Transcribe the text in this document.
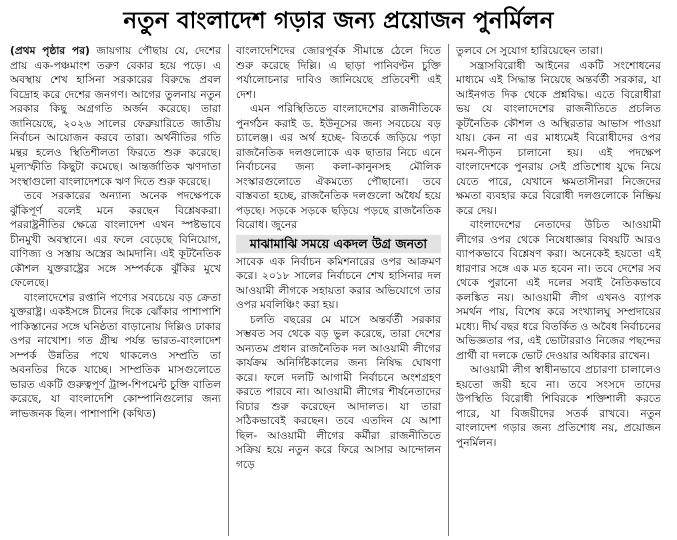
নতুন বাংলাদেশ গড়ার জন্য প্রয়োজন পুনর্মিলন

(প্রথম পৃষ্ঠার পর) জায়গায় পৌছায় যে, দেশের প্রায় এক-পঞ্চমাংশ তরুণ বেকার হয়ে পড়ে। এ অবস্থায় শেখ হাসিনা সরকারের বিরুদ্ধে প্রবল বিদ্রোহ করে দেশের জনগণ। আগের তুলনায় নতুন সরকার কিছু অগ্রগতি অর্জন করেছে। তারা জানিয়েছে, ২০২৬ সালের ফেব্রুয়ারিতে জাতীয় নির্বাচন আয়োজন করবে তারা। অর্থনীতির গতি মন্থর হলেও স্থিতিশীলতা ফিরতে শুরু করেছে। মূল্যস্ফীতি কিছুটা কমেছে। আন্তর্জাতিক ঋণদাতা সংস্থাগুলো বাংলাদেশকে ঋণ দিতে শুরু করেছে।

তবে সরকারের অন্যান্য অনেক পদক্ষেপকে ঝুঁকিপূর্ণ বলেই মনে করছেন বিশ্লেষকরা। পররাষ্ট্রনীতির ক্ষেত্রে বাংলাদেশ এখন স্পষ্টভাবে চীনমুখী অবস্থানে। এর ফলে বেড়েছে বিনিয়োগ, বাণিজ্য ও সস্তায় অস্ত্রের আমদানি। এই কূটনৈতিক কৌশল যুক্তরাষ্ট্রের সঙ্গে সম্পর্ককে ঝুঁকির মুখে ফেলেছে।

বাংলাদেশের রপ্তানি পণ্যের সবচেয়ে বড় ক্রেতা যুক্তরাষ্ট্র। একইসঙ্গে চীনের দিকে ঝোঁকার পাশাপাশি পাকিস্তানের সঙ্গে ঘনিষ্ঠতা বাড়ানোয় দিল্লিও ঢাকার ওপর নাখোশ। গত গ্রীষ্ম পর্যন্ত ভারত-বাংলাদেশ সম্পর্ক উন্নতির পথে থাকলেও সম্প্রতি তা অবনতির দিকে যাচ্ছে। সাম্প্রতিক মাসগুলোতে ভারত একটি গুরুত্বপূর্ণ ট্রান্স-শিপমেন্ট চুক্তি বাতিল করেছে, যা বাংলাদেশি কোম্পানিগুলোর জন্য লাভজনক ছিল। পাশাপাশি (কথিত)

বাংলাদেশিদের জোরপূর্বক সীমান্তে ঠেলে দিতে শুরু করেছে দিল্লি। এ ছাড়া পানিবণ্টন চুক্তি পর্যালোচনার দাবিও জানিয়েছে প্রতিবেশী এই দেশ।

এমন পরিস্থিতিতে বাংলাদেশের রাজনীতিকে পুনর্গঠন করাই ড. ইউনূসের জন্য সবচেয়ে বড় চ্যালেঞ্জ। এর অর্থ হচ্ছে- বিতর্কে জড়িয়ে পড়া রাজনৈতিক দলগুলোকে এক ছাতার নিচে এনে নির্বাচনের জন্য কলা-কানুনসহ মৌলিক সংস্কারগুলোতে ঐকমত্যে পৌছানো। তবে বাস্তবতা হচ্ছে, রাজনৈতিক দলগুলো অধৈর্য হয়ে পড়ছে। সড়কে সড়কে ছড়িয়ে পড়ছে রাজনৈতিক বিরোধ। জুনের

মাঝামাঝি সময়ে একদল উগ্র জনতা

সাবেক এক নির্বাচন কমিশনারের ওপর আক্রমণ করে। ২০১৮ সালের নির্বাচনে শেখ হাসিনার দল আওয়ামী লীগকে সহায়তা করার অভিযোগে তার ওপর মবলিঞ্চিং করা হয়।

চলতি বছরের মে মাসে অন্তর্বর্তী সরকার সম্ভবত সব থেকে বড় ভুল করেছে, তারা দেশের অন্যতম প্রধান রাজনৈতিক দল আওয়ামী লীগের কার্যক্রম অনির্দিষ্টকালের জন্য নিষিদ্ধ ঘোষণা করে। ফলে দলটি আগামী নির্বাচনে অংশগ্রহণ করতে পারবে না। আওয়ামী লীগের শীর্ষনেতাদের বিচার শুরু করেছেন আদালত। যা তারা সঠিকভাবেই করছেন। তবে এতদিন যে আশা ছিল- আওয়ামী লীগের কর্মীরা রাজনীতিতে সক্রিয় হয়ে নতুন করে ফিরে আসার আন্দোলন গড়ে

তুলবে সে সুযোগ হারিয়েছেন তারা।

সন্ত্রাসবিরোধী আইনের একটি সংশোধনের মাধ্যমে এই সিদ্ধান্ত নিয়েছে অন্তর্বর্তী সরকার, যা আইনগত দিক থেকে প্রশ্নবিদ্ধ। এতে বিরোধীরা ভয় যে বাংলাদেশের রাজনীতিতে প্রচলিত কূটনৈতিক কৌশল ও অস্থিরতার আভাস পাওয়া যায়। কেন না এর মাধ্যমেই বিরোধীদের ওপর দমন-পীড়ন চালানো হয়। এই পদক্ষেপ বাংলাদেশকে পুনরায় সেই প্রতিশোধ যুদ্ধে নিয়ে যেতে পারে, যেখানে ক্ষমতাসীনরা নিজেদের ক্ষমতা ব্যবহার করে বিরোধী দলগুলোকে নিষ্ক্রিয় করে দেয়।

বাংলাদেশের নেতাদের উচিত আওয়ামী লীগের ওপর থেকে নিষেধাজ্ঞার বিষয়টি আরও ব্যাপকভাবে বিশ্লেষণ করা। অনেকেই হয়তো এই ধারণার সঙ্গে এক মত হবেন না। তবে দেশের সব থেকে পুরানো এই দলের সবাই নৈতিকভাবে কলঙ্কিত নয়। আওয়ামী লীগ এখনও ব্যাপক সমর্থন পায়, বিশেষ করে সংখ্যালঘু সম্প্রদায়ের মধ্যে। দীর্ঘ বছর ধরে বিতর্কিত ও অবৈধ নির্বাচনের অভিজ্ঞতার পর, এই ভোটাররাও নিজের পছন্দের প্রার্থী বা দলকে ভোট দেওয়ার অধিকার রাখেন।

আওয়ামী লীগ স্বাধীনভাবে প্রচারণা চালালেও হয়তো জয়ী হবে না। তবে সংসদে তাদের উপস্থিতি বিরোধী শিবিরকে শক্তিশালী করতে পারে, যা বিজয়ীদের সতর্ক রাখবে। নতুন বাংলাদেশ গড়ার জন্য প্রতিশোধ নয়, প্রয়োজন পুনর্মিলন।
